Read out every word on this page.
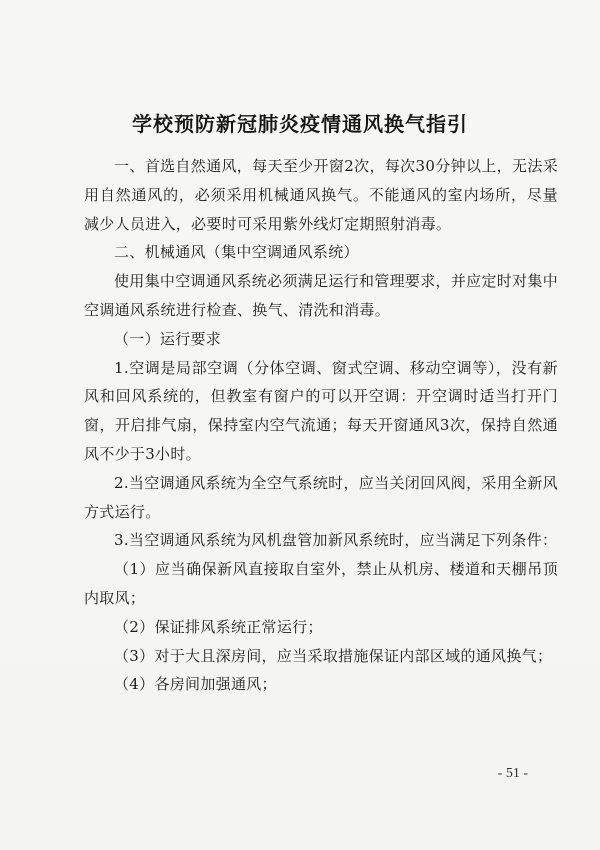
学校预防新冠肺炎疫情通风换气指引

一、首选自然通风，每天至少开窗2次，每次30分钟以上，无法采用自然通风的，必须采用机械通风换气。不能通风的室内场所，尽量减少人员进入，必要时可采用紫外线灯定期照射消毒。

二、机械通风（集中空调通风系统）

使用集中空调通风系统必须满足运行和管理要求，并应定时对集中空调通风系统进行检查、换气、清洗和消毒。

（一）运行要求

1.空调是局部空调（分体空调、窗式空调、移动空调等），没有新风和回风系统的，但教室有窗户的可以开空调：开空调时适当打开门窗，开启排气扇，保持室内空气流通；每天开窗通风3次，保持自然通风不少于3小时。

2.当空调通风系统为全空气系统时，应当关闭回风阀，采用全新风方式运行。

3.当空调通风系统为风机盘管加新风系统时，应当满足下列条件：

（1）应当确保新风直接取自室外，禁止从机房、楼道和天棚吊顶内取风；

（2）保证排风系统正常运行；

（3）对于大且深房间，应当采取措施保证内部区域的通风换气；

（4）各房间加强通风；

- 51 -
